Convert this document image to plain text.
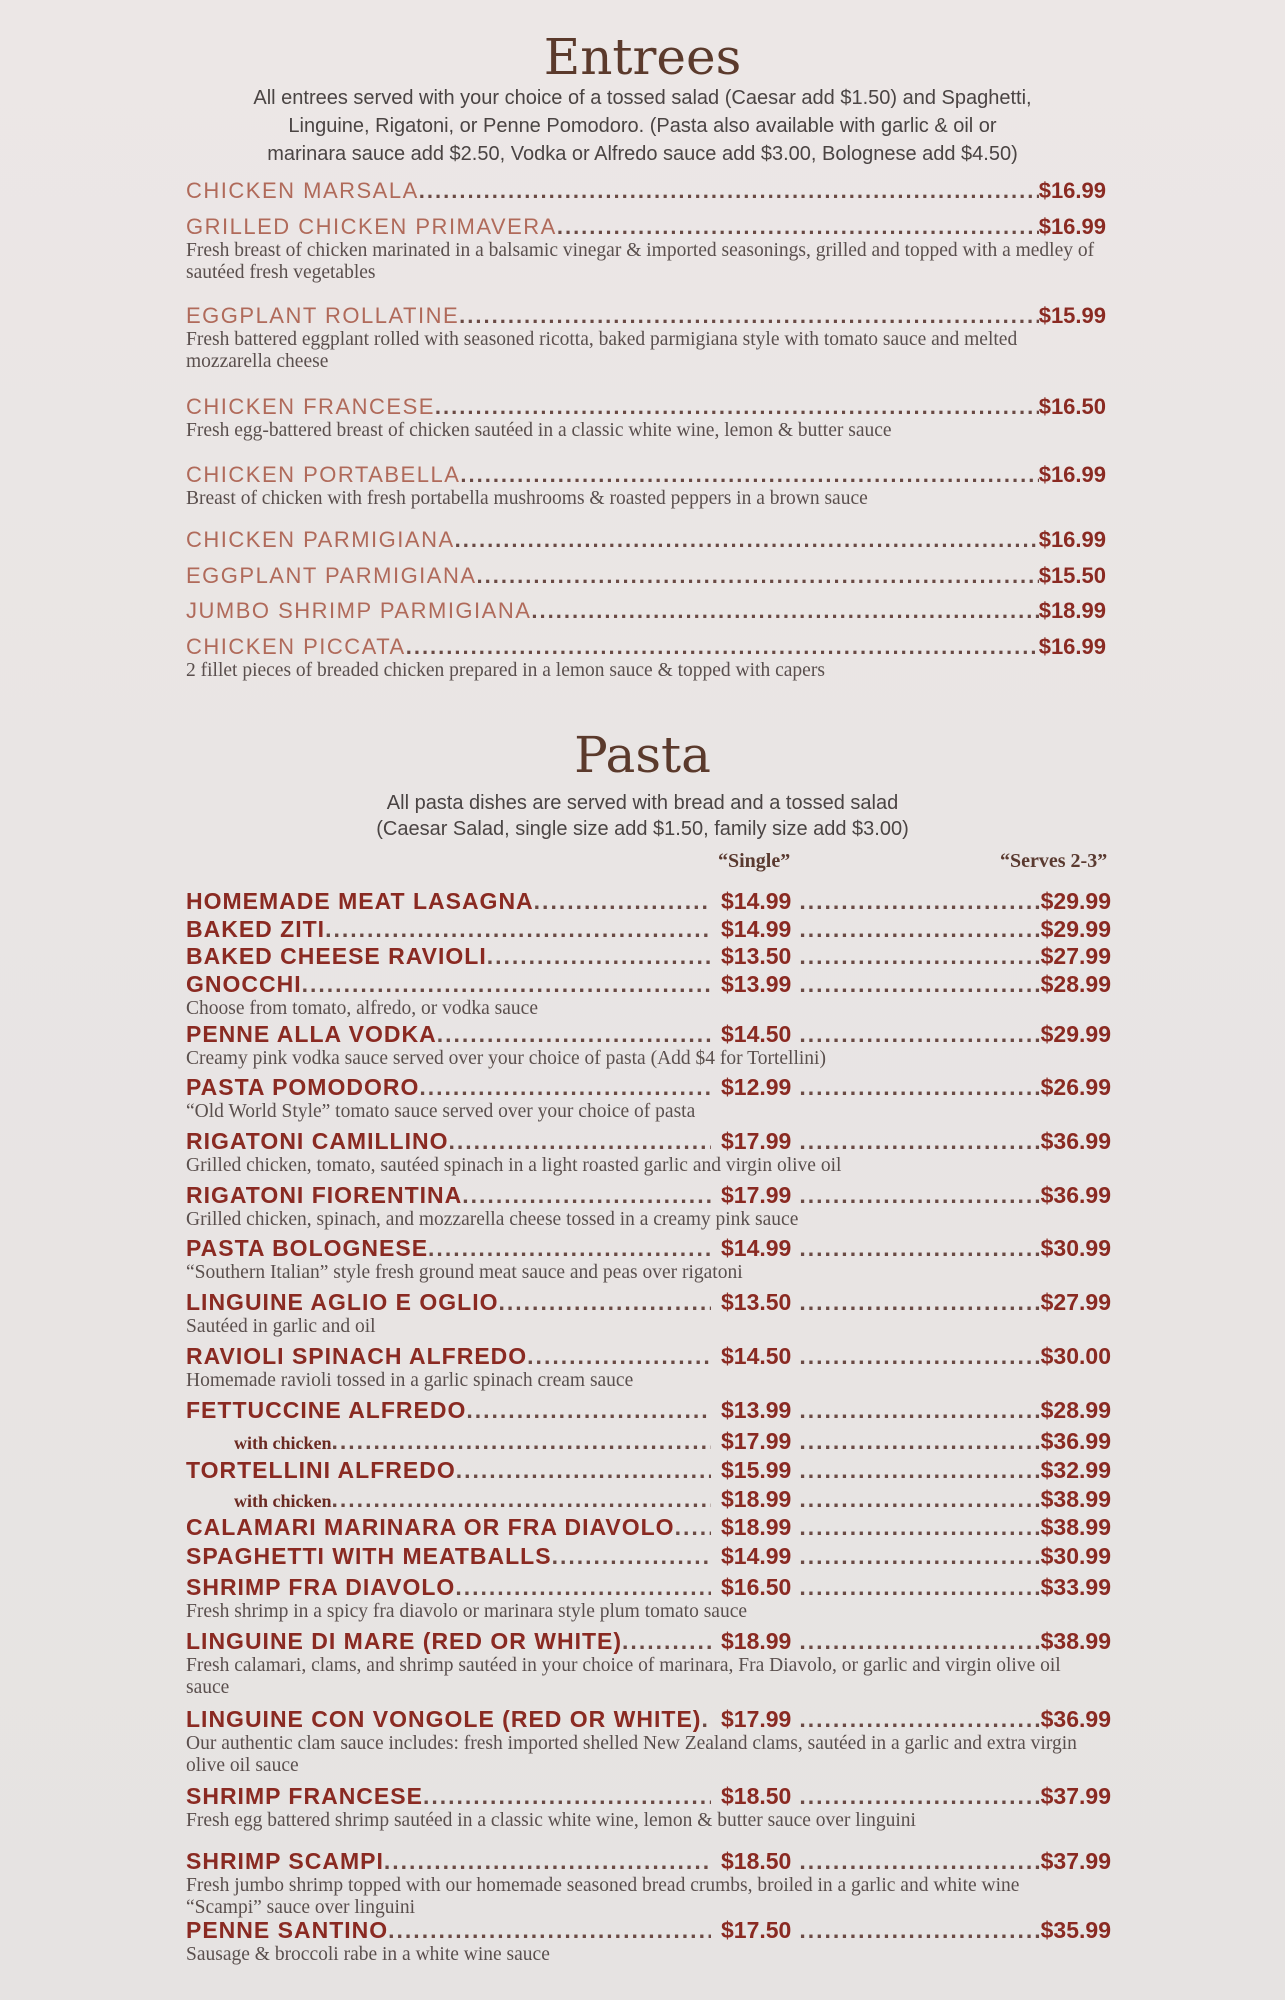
Entrees
All entrees served with your choice of a tossed salad (Caesar add $1.50) and Spaghetti,
Linguine, Rigatoni, or Penne Pomodoro. (Pasta also available with garlic & oil or
marinara sauce add $2.50, Vodka or Alfredo sauce add $3.00, Bolognese add $4.50)
CHICKEN MARSALA .....	$16.99
GRILLED CHICKEN PRIMAVERA .....	$16.99
Fresh breast of chicken marinated in a balsamic vinegar & imported seasonings, grilled and topped with a medley of sautéed fresh vegetables
EGGPLANT ROLLATINE .....	$15.99
Fresh battered eggplant rolled with seasoned ricotta, baked parmigiana style with tomato sauce and melted mozzarella cheese
CHICKEN FRANCESE .....	$16.50
Fresh egg-battered breast of chicken sautéed in a classic white wine, lemon & butter sauce
CHICKEN PORTABELLA .....	$16.99
Breast of chicken with fresh portabella mushrooms & roasted peppers in a brown sauce
CHICKEN PARMIGIANA .....	$16.99
EGGPLANT PARMIGIANA .....	$15.50
JUMBO SHRIMP PARMIGIANA .....	$18.99
CHICKEN PICCATA .....	$16.99
2 fillet pieces of breaded chicken prepared in a lemon sauce & topped with capers
Pasta
All pasta dishes are served with bread and a tossed salad
(Caesar Salad, single size add $1.50, family size add $3.00)
“Single”	“Serves 2-3”
HOMEMADE MEAT LASAGNA .....	$14.99 .....	$29.99
BAKED ZITI .....	$14.99 .....	$29.99
BAKED CHEESE RAVIOLI .....	$13.50 .....	$27.99
GNOCCHI .....	$13.99 .....	$28.99
Choose from tomato, alfredo, or vodka sauce
PENNE ALLA VODKA .....	$14.50 .....	$29.99
Creamy pink vodka sauce served over your choice of pasta (Add $4 for Tortellini)
PASTA POMODORO .....	$12.99 .....	$26.99
“Old World Style” tomato sauce served over your choice of pasta
RIGATONI CAMILLINO .....	$17.99 .....	$36.99
Grilled chicken, tomato, sautéed spinach in a light roasted garlic and virgin olive oil
RIGATONI FIORENTINA .....	$17.99 .....	$36.99
Grilled chicken, spinach, and mozzarella cheese tossed in a creamy pink sauce
PASTA BOLOGNESE .....	$14.99 .....	$30.99
“Southern Italian” style fresh ground meat sauce and peas over rigatoni
LINGUINE AGLIO E OGLIO .....	$13.50 .....	$27.99
Sautéed in garlic and oil
RAVIOLI SPINACH ALFREDO .....	$14.50 .....	$30.00
Homemade ravioli tossed in a garlic spinach cream sauce
FETTUCCINE ALFREDO .....	$13.99 .....	$28.99
with chicken .....	$17.99 .....	$36.99
TORTELLINI ALFREDO .....	$15.99 .....	$32.99
with chicken .....	$18.99 .....	$38.99
CALAMARI MARINARA OR FRA DIAVOLO .....	$18.99 .....	$38.99
SPAGHETTI WITH MEATBALLS .....	$14.99 .....	$30.99
SHRIMP FRA DIAVOLO .....	$16.50 .....	$33.99
Fresh shrimp in a spicy fra diavolo or marinara style plum tomato sauce
LINGUINE DI MARE (RED OR WHITE) .....	$18.99 .....	$38.99
Fresh calamari, clams, and shrimp sautéed in your choice of marinara, Fra Diavolo, or garlic and virgin olive oil sauce
LINGUINE CON VONGOLE (RED OR WHITE) ..... $17.99 .....	$36.99
Our authentic clam sauce includes: fresh imported shelled New Zealand clams, sautéed in a garlic and extra virgin olive oil sauce
SHRIMP FRANCESE .....	$18.50 .....	$37.99
Fresh egg battered shrimp sautéed in a classic white wine, lemon & butter sauce over linguini
SHRIMP SCAMPI .....	$18.50 .....	$37.99
Fresh jumbo shrimp topped with our homemade seasoned bread crumbs, broiled in a garlic and white wine “Scampi” sauce over linguini
PENNE SANTINO .....	$17.50 .....	$35.99
Sausage & broccoli rabe in a white wine sauce
